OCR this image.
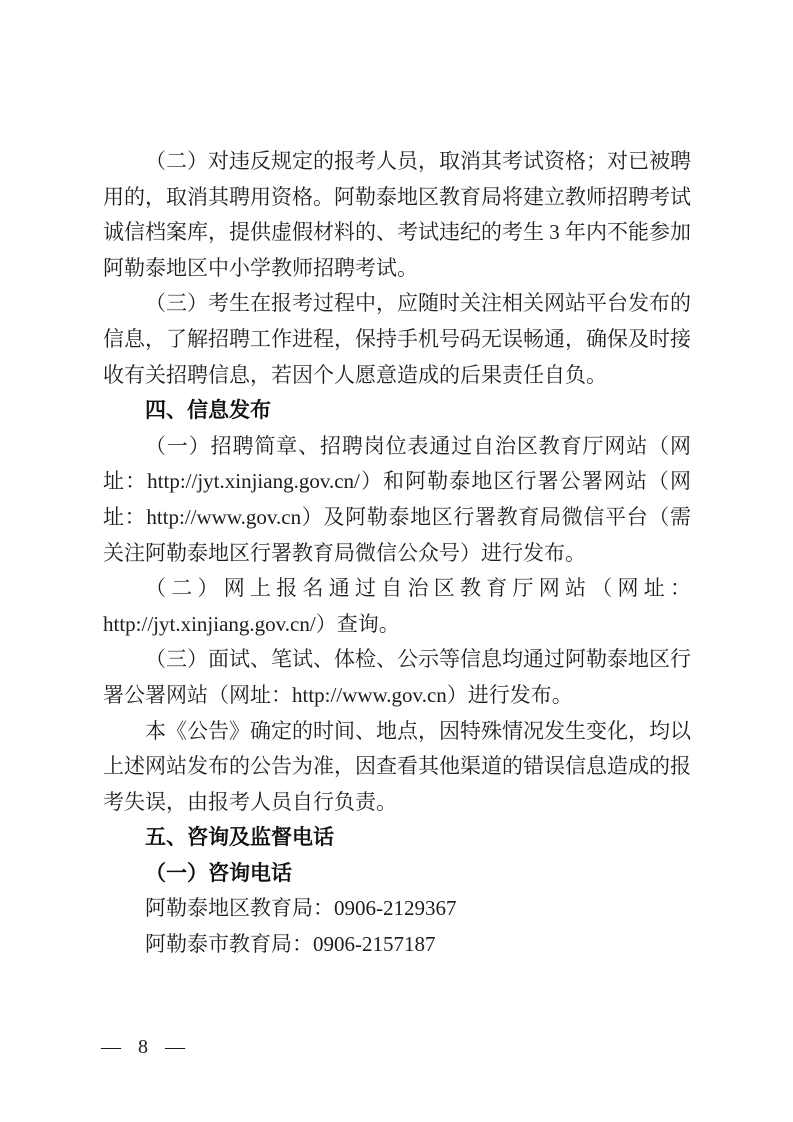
（二）对违反规定的报考人员，取消其考试资格；对已被聘用的，取消其聘用资格。阿勒泰地区教育局将建立教师招聘考试诚信档案库，提供虚假材料的、考试违纪的考生 3 年内不能参加阿勒泰地区中小学教师招聘考试。

（三）考生在报考过程中，应随时关注相关网站平台发布的信息，了解招聘工作进程，保持手机号码无误畅通，确保及时接收有关招聘信息，若因个人愿意造成的后果责任自负。

四、信息发布

（一）招聘简章、招聘岗位表通过自治区教育厅网站（网址：http://jyt.xinjiang.gov.cn/）和阿勒泰地区行署公署网站（网址：http://www.gov.cn）及阿勒泰地区行署教育局微信平台（需关注阿勒泰地区行署教育局微信公众号）进行发布。

（二）网上报名通过自治区教育厅网站（网址：http://jyt.xinjiang.gov.cn/）查询。

（三）面试、笔试、体检、公示等信息均通过阿勒泰地区行署公署网站（网址：http://www.gov.cn）进行发布。

本《公告》确定的时间、地点，因特殊情况发生变化，均以上述网站发布的公告为准，因查看其他渠道的错误信息造成的报考失误，由报考人员自行负责。

五、咨询及监督电话

（一）咨询电话

阿勒泰地区教育局：0906-2129367

阿勒泰市教育局：0906-2157187

— 8 —
